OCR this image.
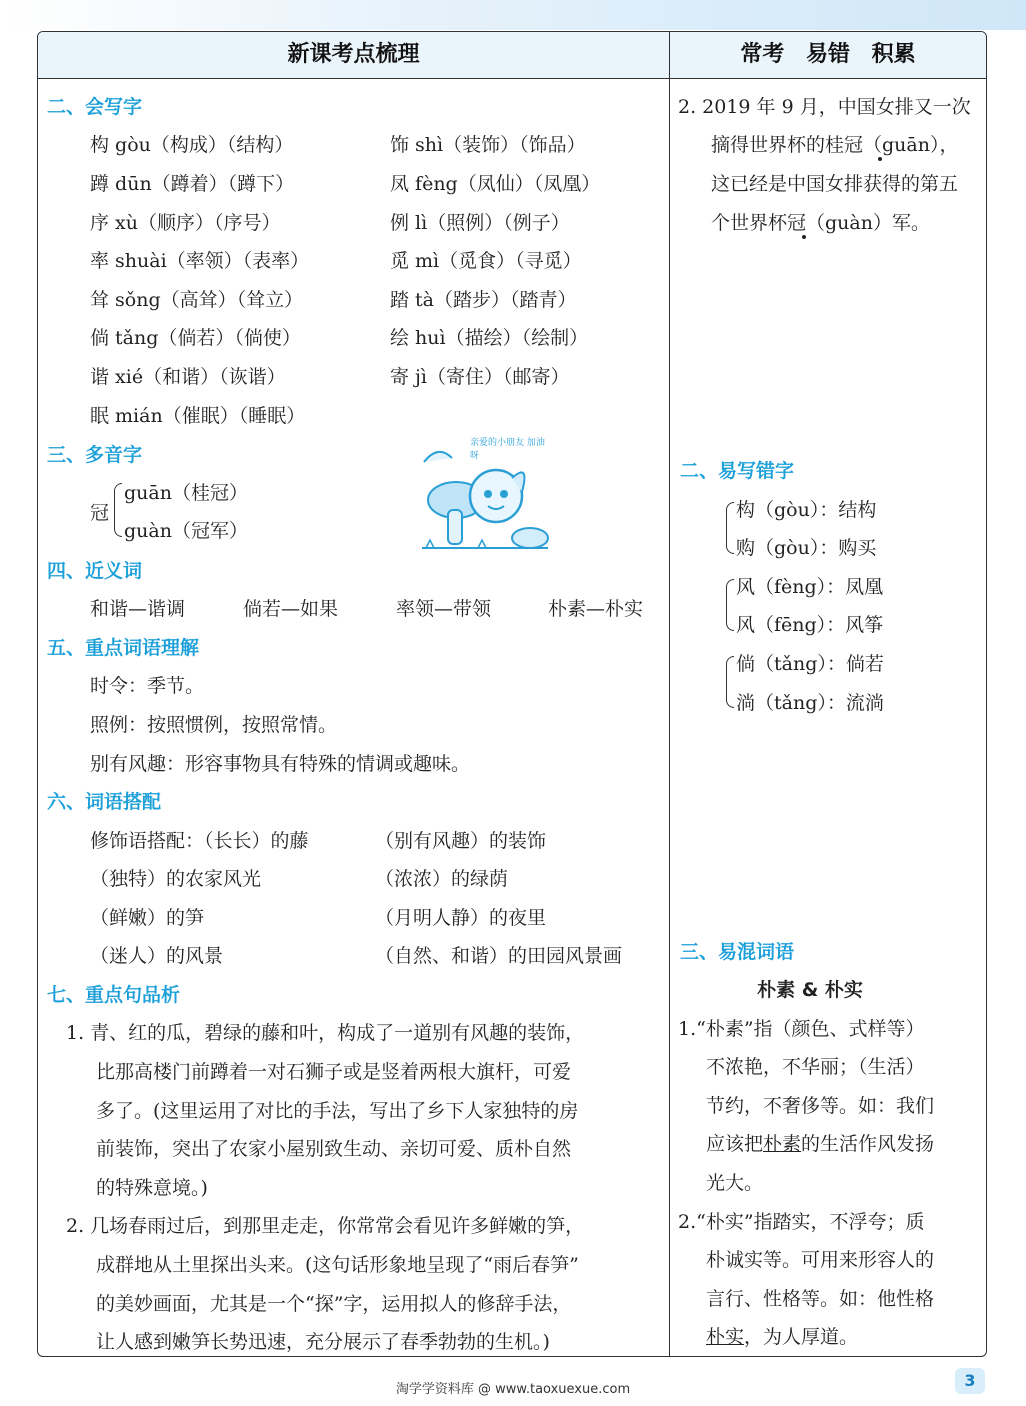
新课考点梳理	常考 易错 积累
二、会写字
构 gòu（构成）（结构）	饰 shì（装饰）（饰品）
蹲 dūn（蹲着）（蹲下）	凤 fèng（凤仙）（凤凰）
序 xù（顺序）（序号）	例 lì（照例）（例子）
率 shuài（率领）（表率）	觅 mì（觅食）（寻觅）
耸 sǒng（高耸）（耸立）	踏 tà（踏步）（踏青）
倘 tǎng（倘若）（倘使）	绘 huì（描绘）（绘制）
谐 xié（和谐）（诙谐）	寄 jì（寄住）（邮寄）
眠 mián（催眠）（睡眠）
三、多音字
冠
guān（桂冠）
guàn（冠军）
亲爱的小朋友 加油呀
四、近义词
和谐—谐调	倘若—如果	率领—带领	朴素—朴实
五、重点词语理解
时令：季节。
照例：按照惯例，按照常情。
别有风趣：形容事物具有特殊的情调或趣味。
六、词语搭配
修饰语搭配：（长长）的藤	（别有风趣）的装饰
（独特）的农家风光	（浓浓）的绿荫
（鲜嫩）的笋	（月明人静）的夜里
（迷人）的风景	（自然、和谐）的田园风景画
七、重点句品析
1. 青、红的瓜，碧绿的藤和叶，构成了一道别有风趣的装饰，
比那高楼门前蹲着一对石狮子或是竖着两根大旗杆，可爱
多了。(这里运用了对比的手法，写出了乡下人家独特的房
前装饰，突出了农家小屋别致生动、亲切可爱、质朴自然
的特殊意境。)
2. 几场春雨过后，到那里走走，你常常会看见许多鲜嫩的笋，
成群地从土里探出头来。(这句话形象地呈现了“雨后春笋”
的美妙画面，尤其是一个“探”字，运用拟人的修辞手法，
让人感到嫩笋长势迅速，充分展示了春季勃勃的生机。)
2. 2019 年 9 月，中国女排又一次
摘得世界杯的桂冠（guān），
这已经是中国女排获得的第五
个世界杯冠（guàn）军。
二、易写错字
构（gòu）：结构
购（gòu）：购买
风（fèng）：凤凰
风（fēng）：风筝
倘（tǎng）：倘若
淌（tǎng）：流淌
三、易混词语
朴素 & 朴实
1.“朴素”指（颜色、式样等）
不浓艳，不华丽；（生活）
节约，不奢侈等。如：我们
应该把朴素的生活作风发扬
光大。
2.“朴实”指踏实，不浮夸；质
朴诚实等。可用来形容人的
言行、性格等。如：他性格
朴实，为人厚道。
淘学学资料库 @ www.taoxuexue.com	3
